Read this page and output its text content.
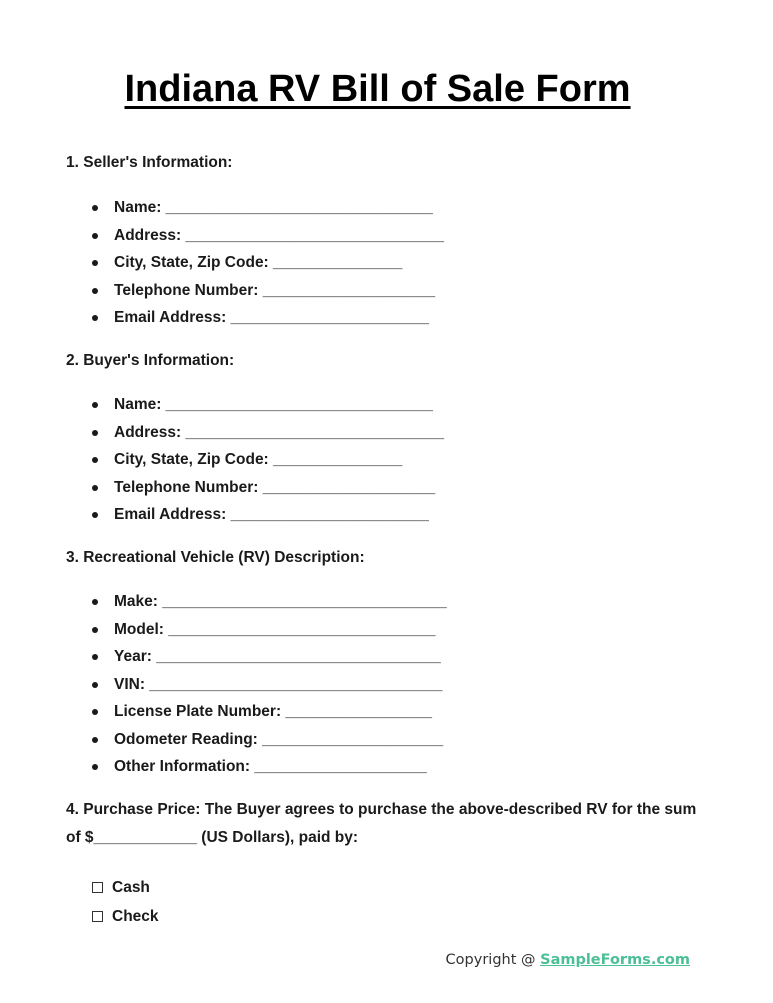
Indiana RV Bill of Sale Form
1. Seller's Information:
Name: _______________________________
Address: ______________________________
City, State, Zip Code: _______________
Telephone Number: ____________________
Email Address: _______________________
2. Buyer's Information:
Name: _______________________________
Address: ______________________________
City, State, Zip Code: _______________
Telephone Number: ____________________
Email Address: _______________________
3. Recreational Vehicle (RV) Description:
Make: _________________________________
Model: _______________________________
Year: _________________________________
VIN: __________________________________
License Plate Number: _________________
Odometer Reading: _____________________
Other Information: ____________________
4. Purchase Price: The Buyer agrees to purchase the above-described RV for the sum of $____________ (US Dollars), paid by:
Cash
Check
Copyright @ SampleForms.com
